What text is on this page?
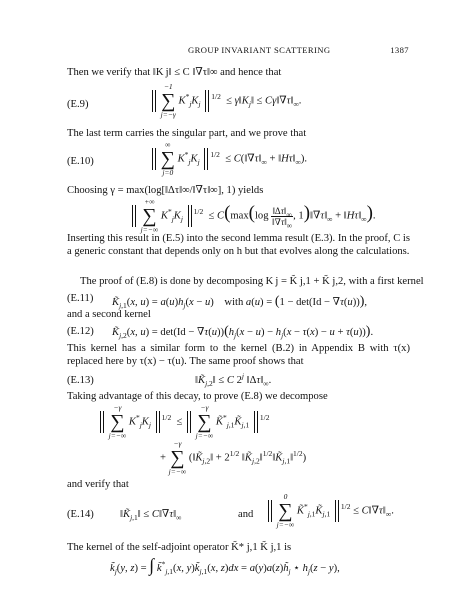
GROUP INVARIANT SCATTERING	1387
Then we verify that ‖K j‖ ≤ C ‖∇τ‖∞ and hence that
(E.9)

−1
∑
j=−γ
$K^*_jK_j$ $^{1/2} \le \gamma‖K_j‖$ ≤ $C\gamma‖\nabla\tau‖_\infty$.
The last term carries the singular part, and we prove that
(E.10)

∞
∑
j=0
$K^*_jK_j$ $^{1/2} \le C(‖\nabla\tau‖_\infty$ + $‖H\tau‖_\infty$).
Choosing γ = max(log[‖Δτ‖∞/‖∇τ‖∞], 1) yields

+∞
∑
j=−∞
$K^*_jK_j$ $^{1/2} \le C(\max(\log \frac{‖\Delta\tau‖_\infty}{‖\nabla\tau‖_\infty}$ , $1)‖\nabla\tau‖_\infty$ + $‖H\tau‖_\infty$).
Inserting this result in (E.5) into the second lemma result (E.3). In the proof, C is a generic constant that depends only on h but that evolves along the calculations.
The proof of (E.8) is done by decomposing K j = K̃ j,1 + K̃ j,2, with a first kernel
(E.11) $K̃_{j,1}(x$, $u) = a(u)h_j(x - u)$    with a(u) = (1 − det(Id − ∇τ(u))),
and a second kernel
(E.12) $K̃_{j,2}(x$, $u) = \det(Id - \nabla\tau(u))(h_j(x - u) - h_j(x - \tau(x) - u + \tau(u)))$.
This kernel has a similar form to the kernel (B.2) in Appendix B with τ(x) replaced here by τ(x) − τ(u). The same proof shows that
(E.13)	$‖K̃_{j,2}‖ \le C$ 2$^j$ $‖\Delta\tau‖_\infty$.
Taking advantage of this decay, to prove (E.8) we decompose

−γ
∑
j=−∞
$K^*_jK_j$ $^{1/2}$  ≤
−γ
∑
j=−∞
$K̃^*_{j,1}K̃_{j,1}$ $^{1/2}$
+
−γ
∑
j=−∞
($‖K̃_{j,2}‖ + 2^{1/2}$ $‖K̃_{j,2}‖^{1/2}‖K̃_{j,1}‖^{1/2}$)
and verify that
(E.14) $‖K̃_{j,1}‖$ ≤ $C‖\nabla\tau‖_\infty$	and

0
∑
j=−∞
$K̃^*_{j,1}K̃_{j,1}$ $^{1/2} \le C‖\nabla\tau‖_\infty$.
The kernel of the self-adjoint operator K̃* j,1 K̃ j,1 is
$k̃_j(y$, z) = ∫ $k̃^*_{j,1}(x$, $y)k̃_{j,1}(x$, $z)dx = a(y)a(z)h̃_j$ ⋆ $h_j(z - y)$,
